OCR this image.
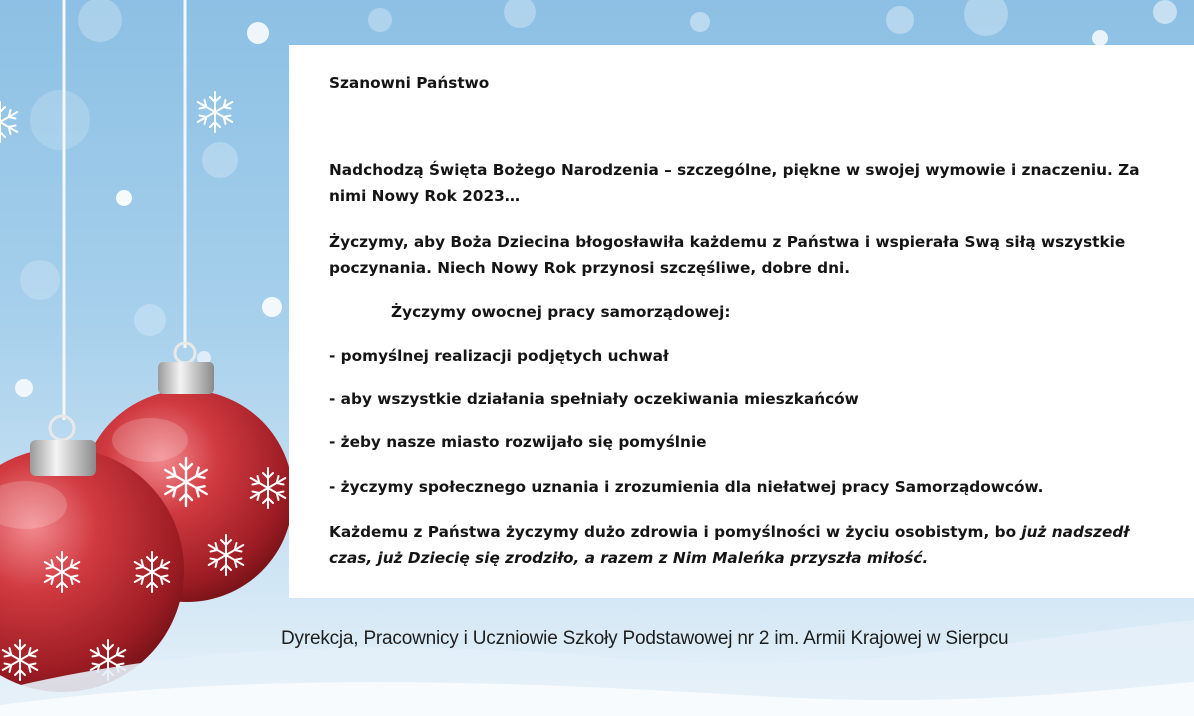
Szanowni Państwo

Nadchodzą Święta Bożego Narodzenia – szczególne, piękne w swojej wymowie i znaczeniu. Za nimi Nowy Rok 2023…

Życzymy, aby Boża Dziecina błogosławiła każdemu z Państwa i wspierała Swą siłą wszystkie poczynania. Niech Nowy Rok przynosi szczęśliwe, dobre dni.

Życzymy owocnej pracy samorządowej:

- pomyślnej realizacji podjętych uchwał

- aby wszystkie działania spełniały oczekiwania mieszkańców

- żeby nasze miasto rozwijało się pomyślnie

- życzymy społecznego uznania i zrozumienia dla niełatwej pracy Samorządowców.

Każdemu z Państwa życzymy dużo zdrowia i pomyślności w życiu osobistym, bo już nadszedł czas, już Dziecię się zrodziło, a razem z Nim Maleńka przyszła miłość.

Dyrekcja, Pracownicy i Uczniowie Szkoły Podstawowej nr 2 im. Armii Krajowej w Sierpcu
